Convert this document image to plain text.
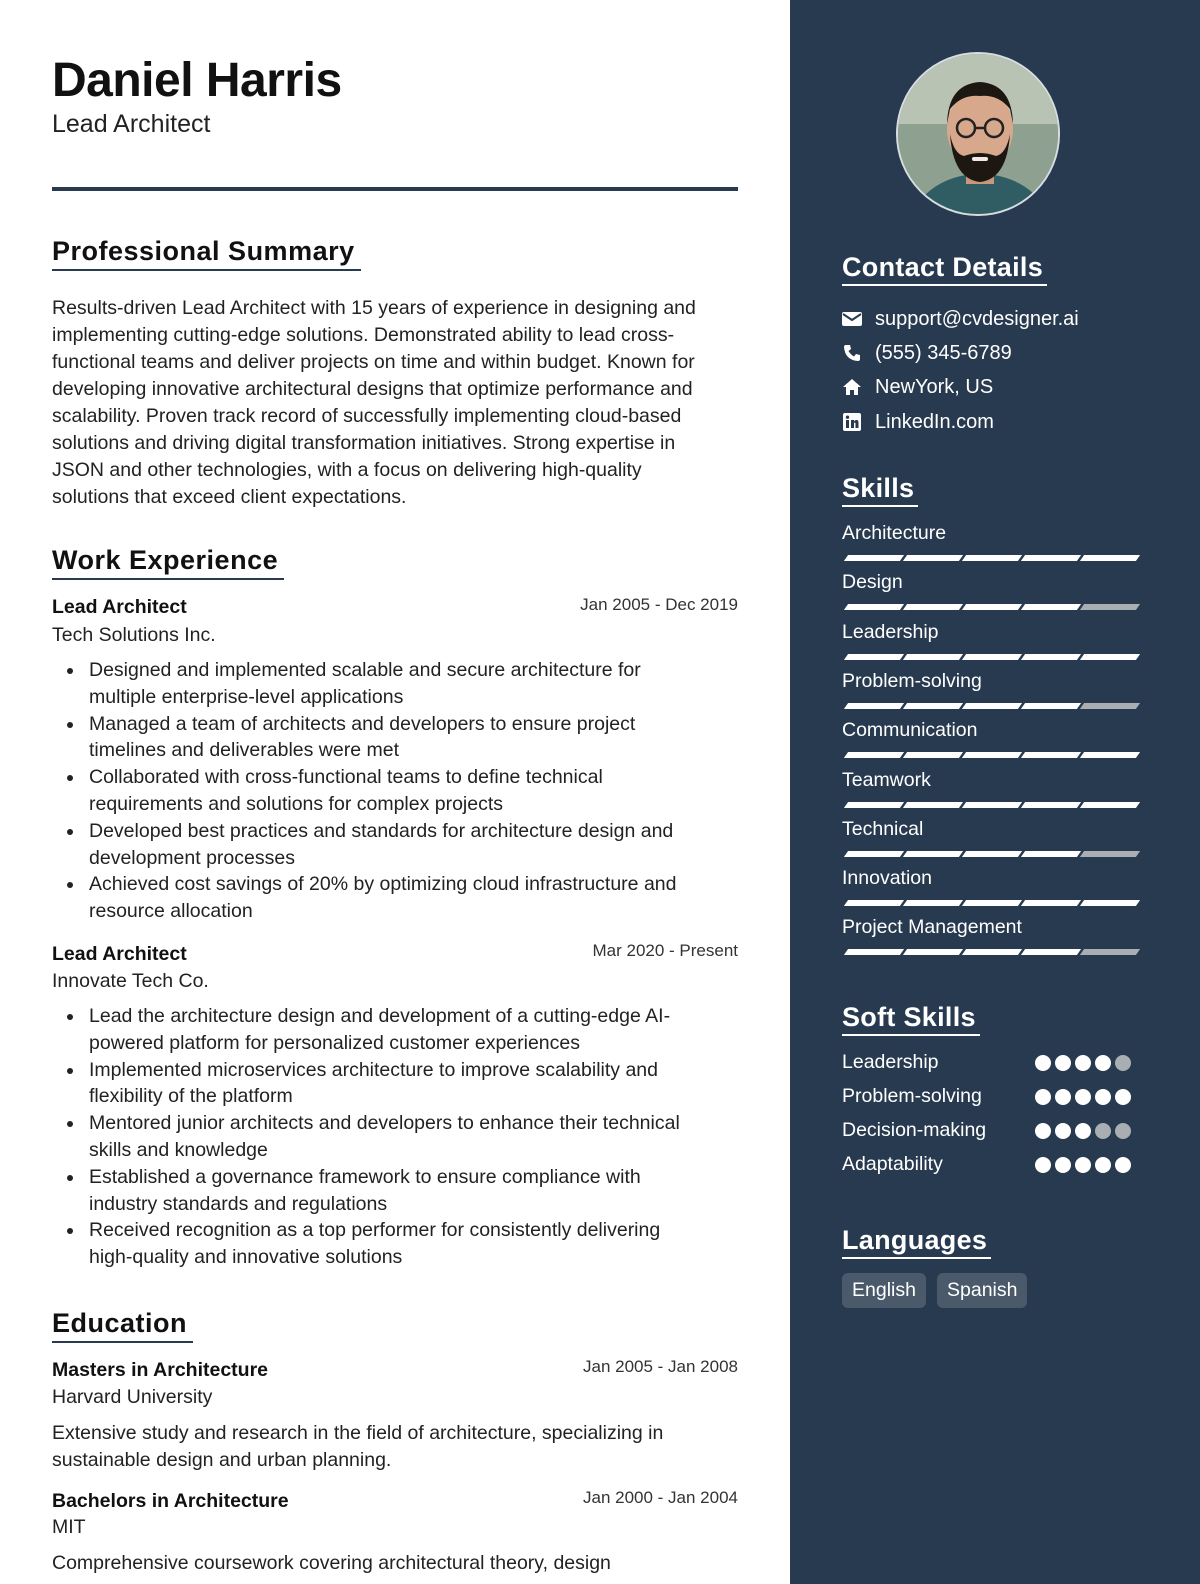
Daniel Harris
Lead Architect
Professional Summary
Results-driven Lead Architect with 15 years of experience in designing and
implementing cutting-edge solutions. Demonstrated ability to lead cross-
functional teams and deliver projects on time and within budget. Known for
developing innovative architectural designs that optimize performance and
scalability. Proven track record of successfully implementing cloud-based
solutions and driving digital transformation initiatives. Strong expertise in
JSON and other technologies, with a focus on delivering high-quality
solutions that exceed client expectations.
Work Experience
Lead Architect	Jan 2005 - Dec 2019
Tech Solutions Inc.
Designed and implemented scalable and secure architecture for
multiple enterprise-level applications
Managed a team of architects and developers to ensure project
timelines and deliverables were met
Collaborated with cross-functional teams to define technical
requirements and solutions for complex projects
Developed best practices and standards for architecture design and
development processes
Achieved cost savings of 20% by optimizing cloud infrastructure and
resource allocation
Lead Architect	Mar 2020 - Present
Innovate Tech Co.
Lead the architecture design and development of a cutting-edge AI-
powered platform for personalized customer experiences
Implemented microservices architecture to improve scalability and
flexibility of the platform
Mentored junior architects and developers to enhance their technical
skills and knowledge
Established a governance framework to ensure compliance with
industry standards and regulations
Received recognition as a top performer for consistently delivering
high-quality and innovative solutions
Education
Masters in Architecture	Jan 2005 - Jan 2008
Harvard University
Extensive study and research in the field of architecture, specializing in
sustainable design and urban planning.
Bachelors in Architecture	Jan 2000 - Jan 2004
MIT
Comprehensive coursework covering architectural theory, design
Contact Details
support@cvdesigner.ai
(555) 345-6789
NewYork, US
LinkedIn.com
Skills
Architecture
Design
Leadership
Problem-solving
Communication
Teamwork
Technical
Innovation
Project Management
Soft Skills
Leadership
Problem-solving
Decision-making
Adaptability
Languages
English	Spanish
